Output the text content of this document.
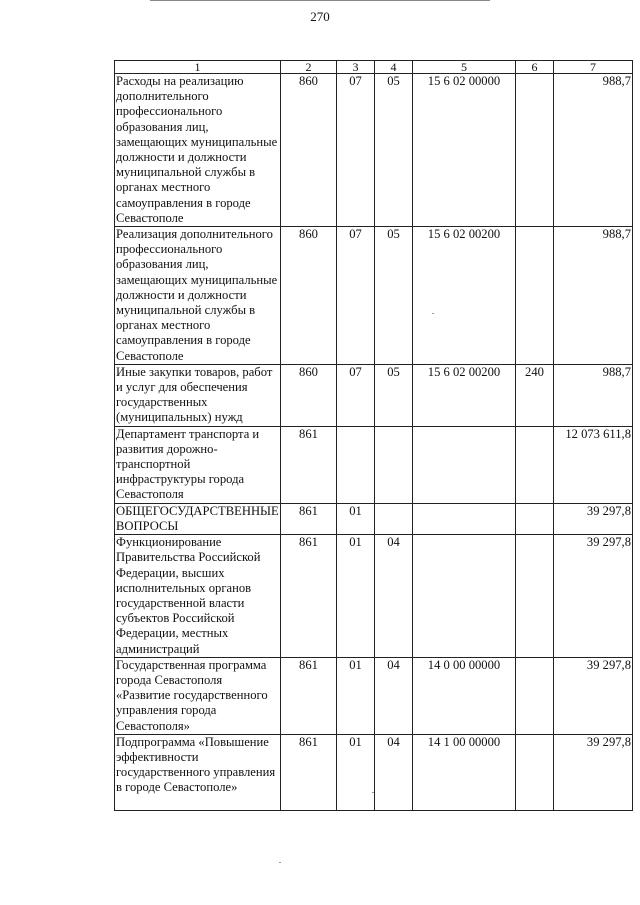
270
1	2	3	4	5	6	7
Расходы на реализацию дополнительного профессионального образования лиц, замещающих муниципальные должности и должности муниципальной службы в органах местного самоуправления в городе Севастополе	860	07	05	15 6 02 00000		988,7
Реализация дополнительного профессионального образования лиц, замещающих муниципальные должности и должности муниципальной службы в органах местного самоуправления в городе Севастополе	860	07	05	15 6 02 00200		988,7
Иные закупки товаров, работ и услуг для обеспечения государственных (муниципальных) нужд	860	07	05	15 6 02 00200	240	988,7
Департамент транспорта и развития дорожно-транспортной инфраструктуры города Севастополя	861					12 073 611,8
ОБЩЕГОСУДАРСТВЕННЫЕ ВОПРОСЫ	861	01				39 297,8
Функционирование Правительства Российской Федерации, высших исполнительных органов государственной власти субъектов Российской Федерации, местных администраций	861	01	04			39 297,8
Государственная программа города Севастополя «Развитие государственного управления города Севастополя»	861	01	04	14 0 00 00000		39 297,8
Подпрограмма «Повышение эффективности государственного управления в городе Севастополе»	861	01	04	14 1 00 00000		39 297,8
